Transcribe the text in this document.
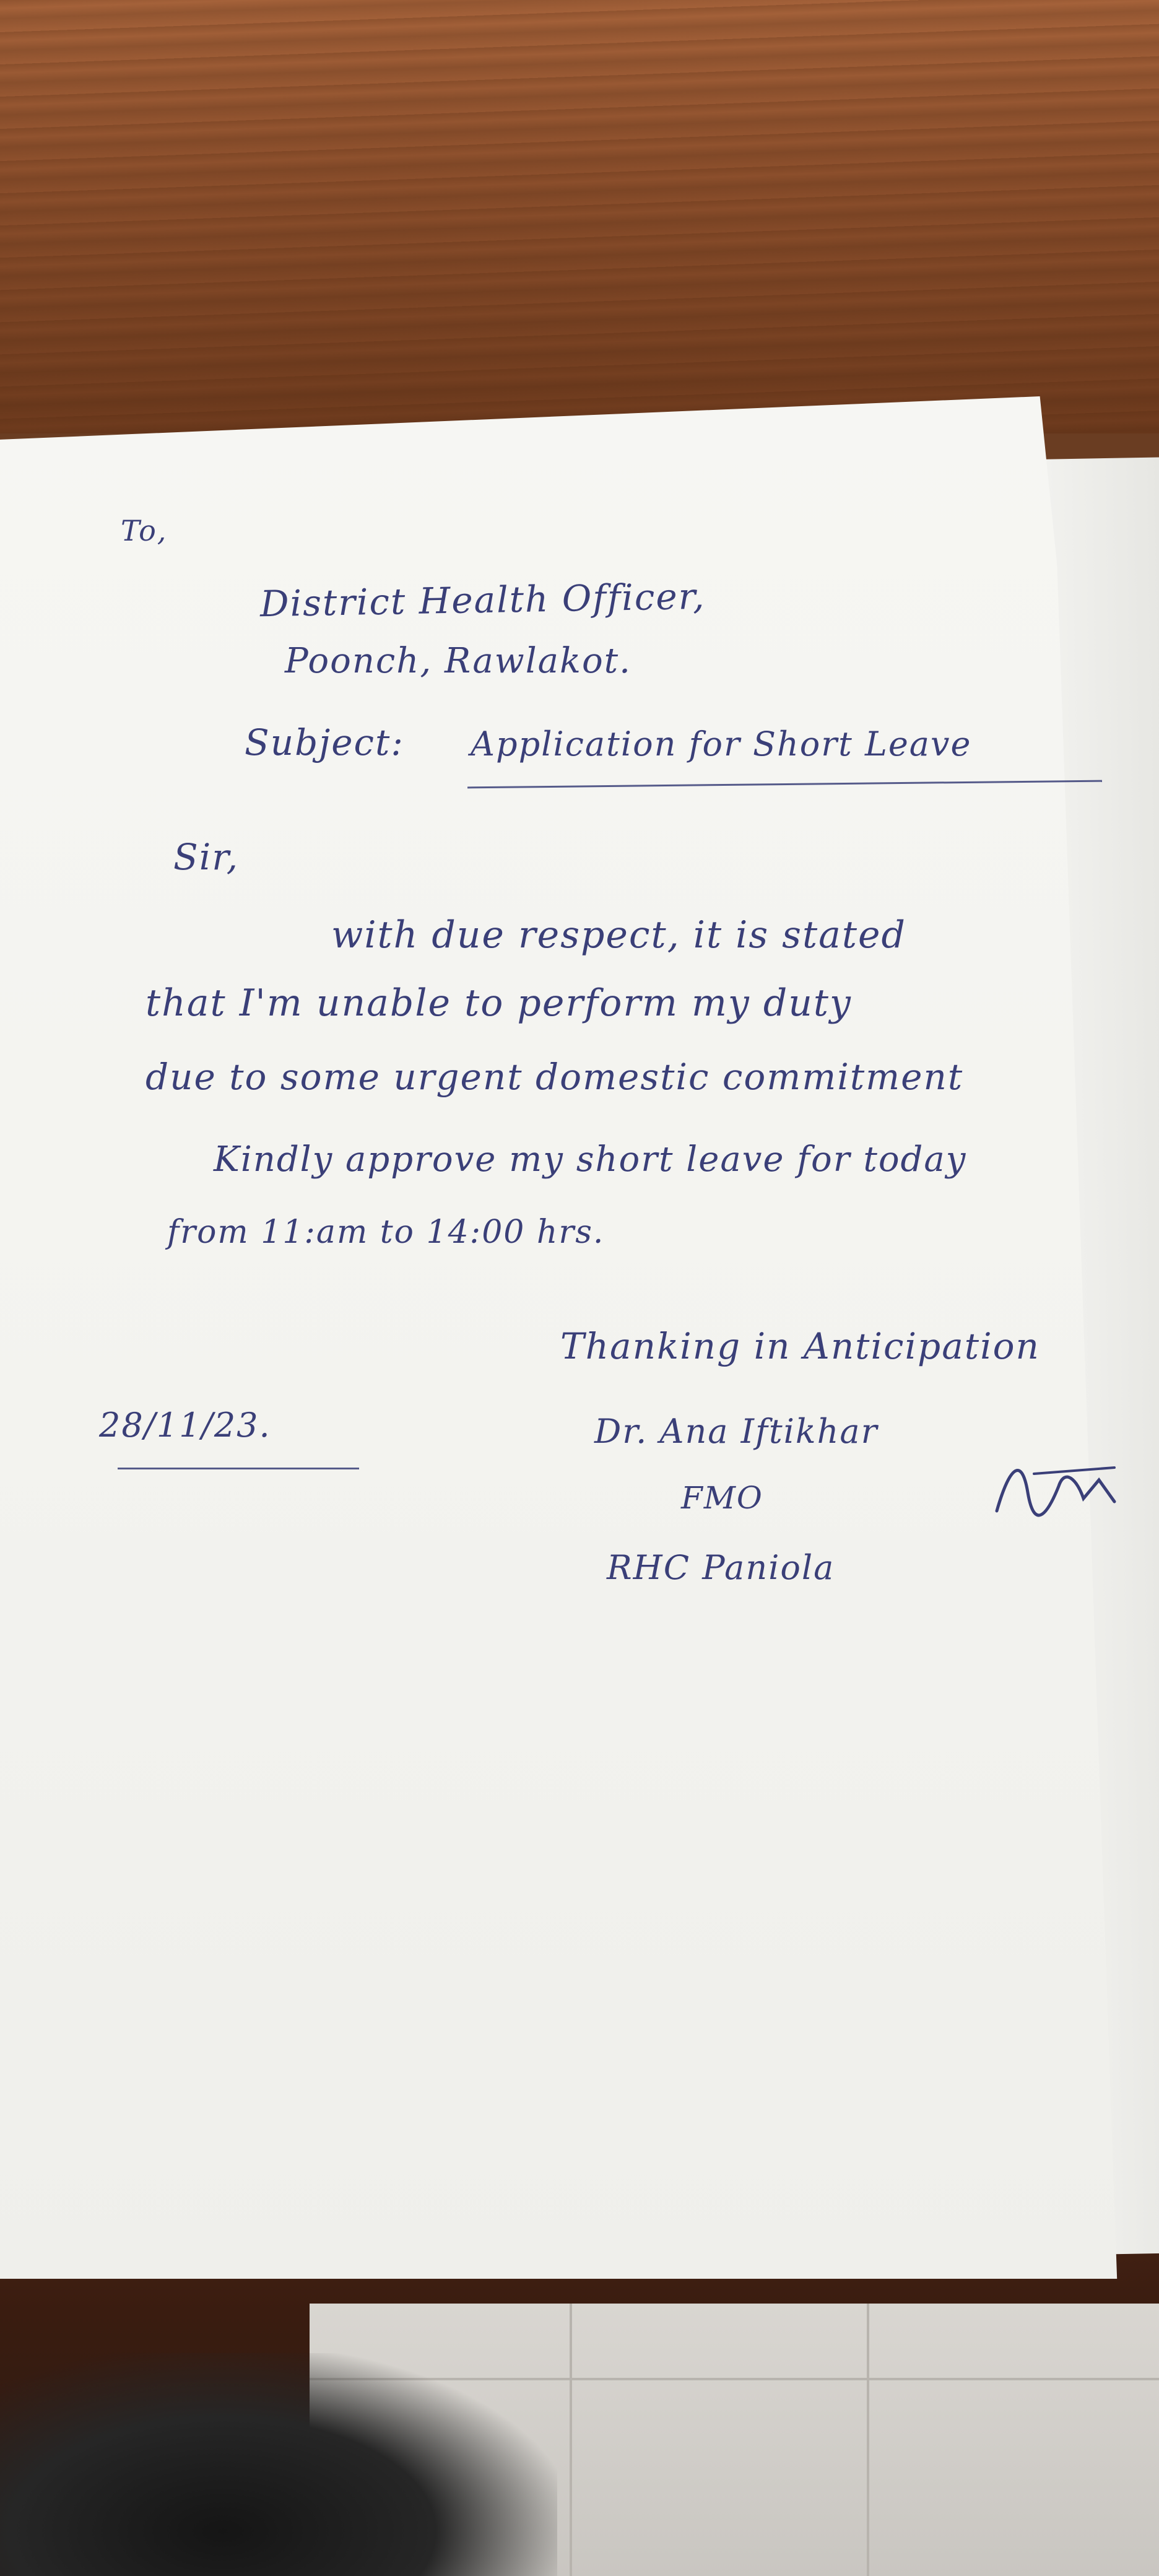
To,
District Health Officer,
Poonch, Rawlakot.
Subject: Application for Short Leave
Sir,
with due respect, it is stated
that I'm unable to perform my duty
due to some urgent domestic commitment
Kindly approve my short leave for today
from 11:am to 14:00 hrs.
Thanking in Anticipation
28/11/23.	Dr. Ana Iftikhar
FMO
RHC Paniola
